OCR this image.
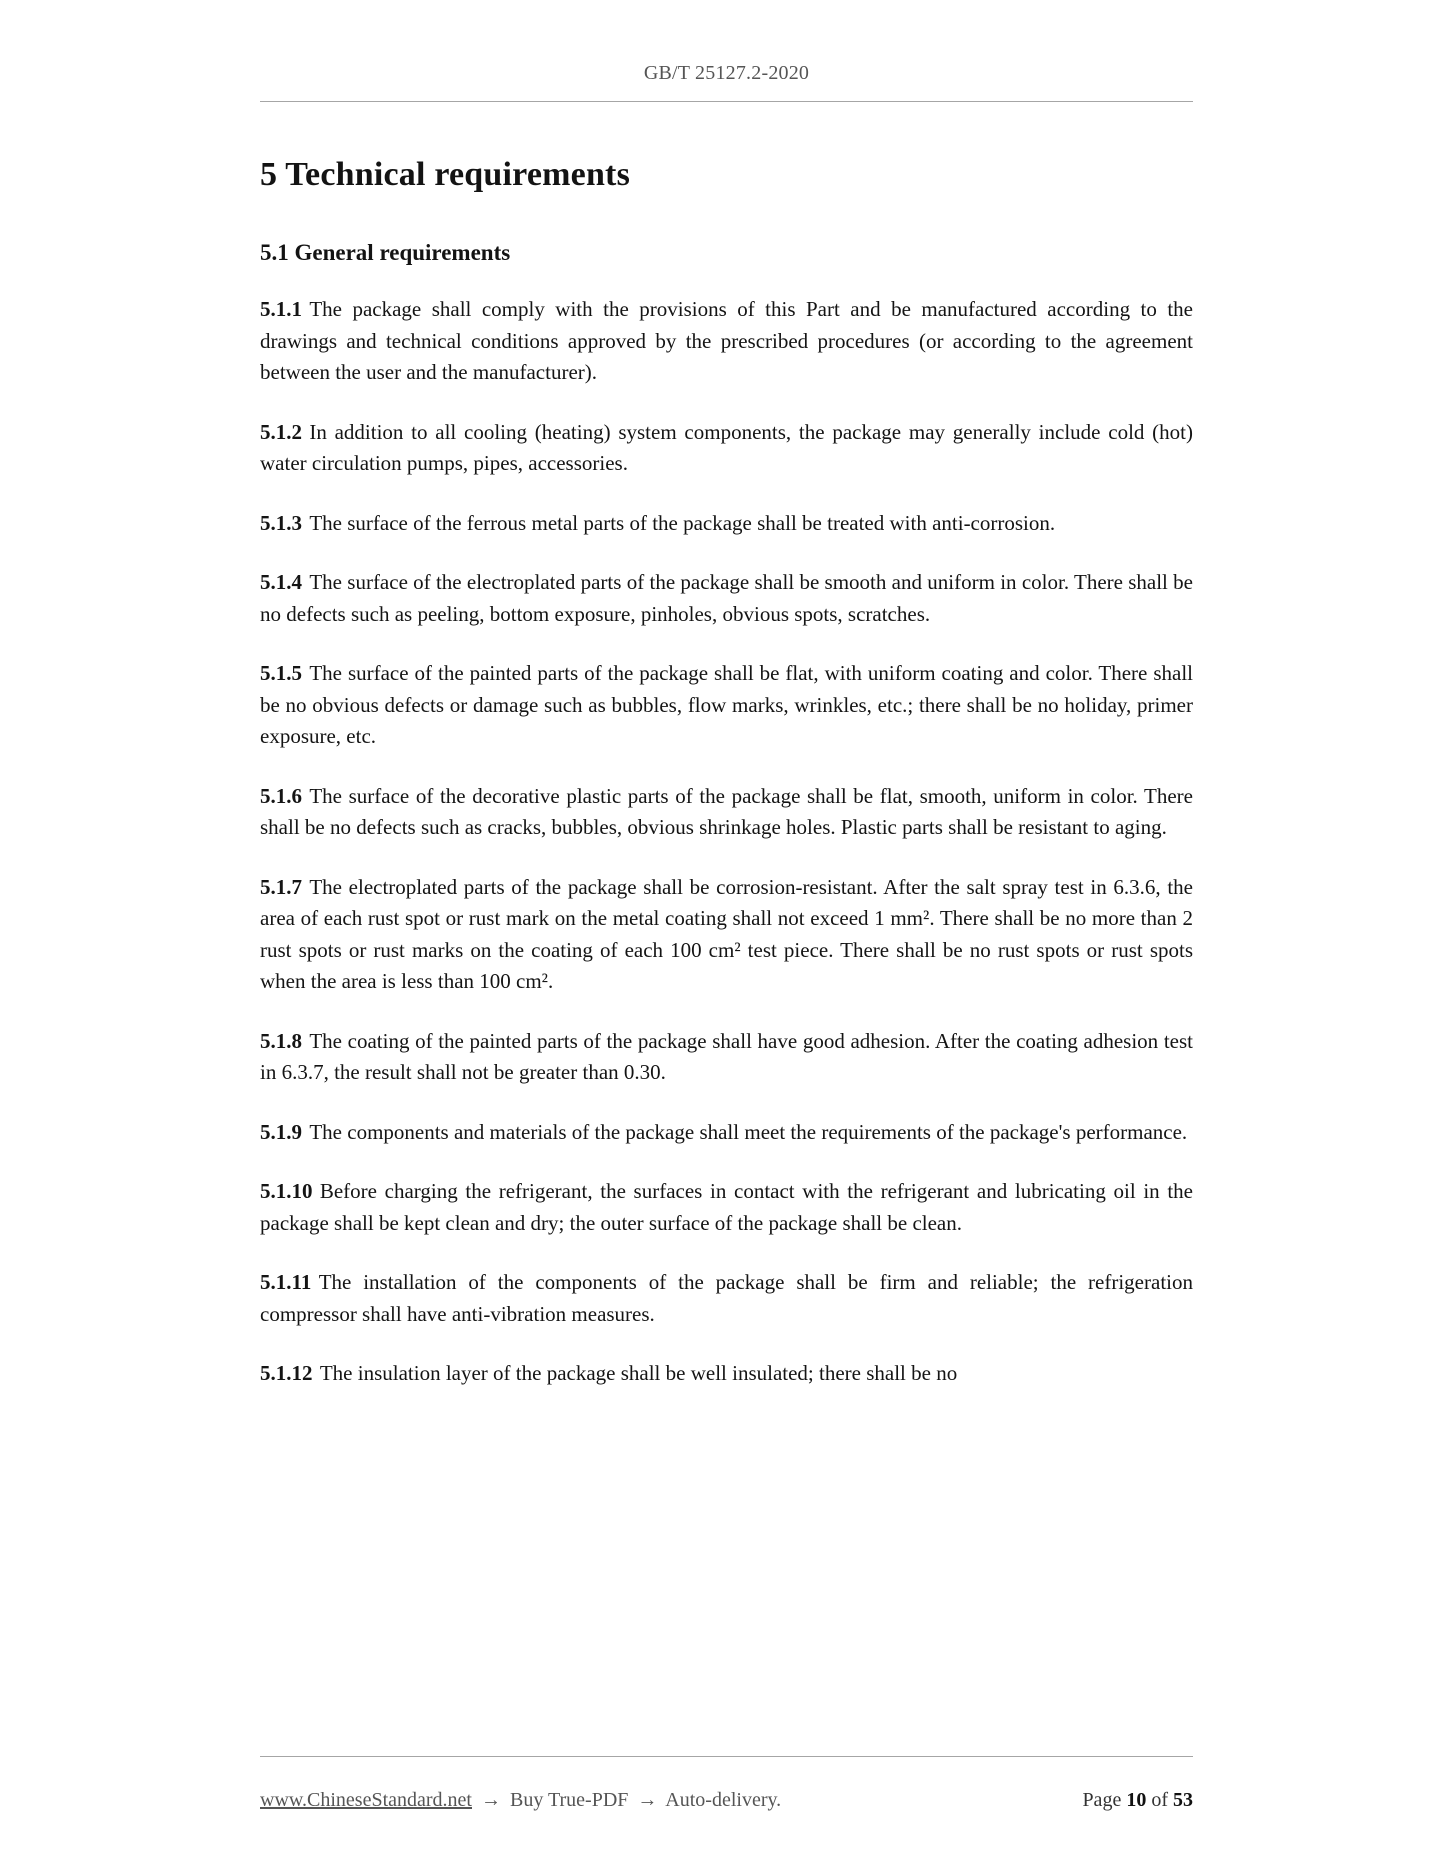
GB/T 25127.2-2020
5 Technical requirements
5.1 General requirements

5.1.1 The package shall comply with the provisions of this Part and be manufactured according to the drawings and technical conditions approved by the prescribed procedures (or according to the agreement between the user and the manufacturer).

5.1.2 In addition to all cooling (heating) system components, the package may generally include cold (hot) water circulation pumps, pipes, accessories.

5.1.3 The surface of the ferrous metal parts of the package shall be treated with anti-corrosion.

5.1.4 The surface of the electroplated parts of the package shall be smooth and uniform in color. There shall be no defects such as peeling, bottom exposure, pinholes, obvious spots, scratches.

5.1.5 The surface of the painted parts of the package shall be flat, with uniform coating and color. There shall be no obvious defects or damage such as bubbles, flow marks, wrinkles, etc.; there shall be no holiday, primer exposure, etc.

5.1.6 The surface of the decorative plastic parts of the package shall be flat, smooth, uniform in color. There shall be no defects such as cracks, bubbles, obvious shrinkage holes. Plastic parts shall be resistant to aging.

5.1.7 The electroplated parts of the package shall be corrosion-resistant. After the salt spray test in 6.3.6, the area of each rust spot or rust mark on the metal coating shall not exceed 1 mm². There shall be no more than 2 rust spots or rust marks on the coating of each 100 cm² test piece. There shall be no rust spots or rust spots when the area is less than 100 cm².

5.1.8 The coating of the painted parts of the package shall have good adhesion. After the coating adhesion test in 6.3.7, the result shall not be greater than 0.30.

5.1.9 The components and materials of the package shall meet the requirements of the package's performance.

5.1.10 Before charging the refrigerant, the surfaces in contact with the refrigerant and lubricating oil in the package shall be kept clean and dry; the outer surface of the package shall be clean.

5.1.11 The installation of the components of the package shall be firm and reliable; the refrigeration compressor shall have anti-vibration measures.

5.1.12 The insulation layer of the package shall be well insulated; there shall be no

www.ChineseStandard.net → Buy True-PDF → Auto-delivery.	Page 10 of 53
